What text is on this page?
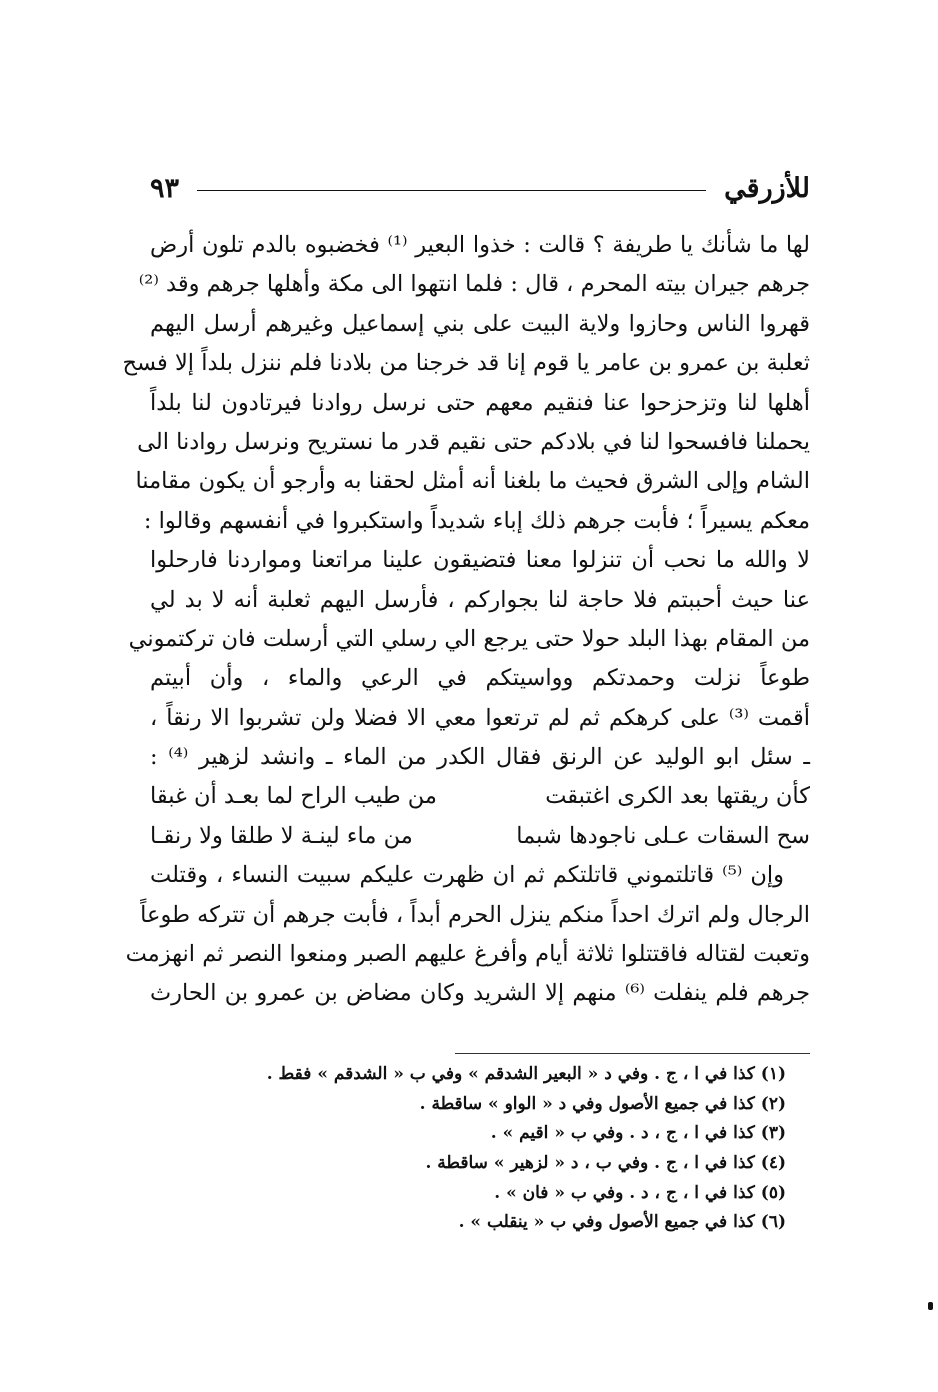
للأزرقي
٩٣
لها ما شأنك يا طريفة ؟ قالت : خذوا البعير ⁽¹⁾ فخضبوه بالدم تلون أرض
جرهم جيران بيته المحرم ، قال : فلما انتهوا الى مكة وأهلها جرهم وقد ⁽²⁾
قهروا الناس وحازوا ولاية البيت على بني إسماعيل وغيرهم أرسل اليهم
ثعلبة بن عمرو بن عامر يا قوم إنا قد خرجنا من بلادنا فلم ننزل بلداً إلا فسح
أهلها لنا وتزحزحوا عنا فنقيم معهم حتى نرسل روادنا فيرتادون لنا بلداً
يحملنا فافسحوا لنا في بلادكم حتى نقيم قدر ما نستريح ونرسل روادنا الى
الشام وإلى الشرق فحيث ما بلغنا أنه أمثل لحقنا به وأرجو أن يكون مقامنا
معكم يسيراً ؛ فأبت جرهم ذلك إباء شديداً واستكبروا في أنفسهم وقالوا :
لا والله ما نحب أن تنزلوا معنا فتضيقون علينا مراتعنا ومواردنا فارحلوا
عنا حيث أحببتم فلا حاجة لنا بجواركم ، فأرسل اليهم ثعلبة أنه لا بد لي
من المقام بهذا البلد حولا حتى يرجع الي رسلي التي أرسلت فان تركتموني
طوعاً نزلت وحمدتكم وواسيتكم في الرعي والماء ، وأن أبيتم
أقمت ⁽³⁾ على كرهكم ثم لم ترتعوا معي الا فضلا ولن تشربوا الا رنقاً ،
ـ سئل ابو الوليد عن الرنق فقال الكدر من الماء ـ وانشد لزهير ⁽⁴⁾ :
كأن ريقتها بعد الكرى اغتبقت
من طيب الراح لما بعـد أن غبقا
سح السقات عـلى ناجودها شبما
من ماء لينـة لا طلقا ولا رنقـا
وإن ⁽⁵⁾ قاتلتموني قاتلتكم ثم ان ظهرت عليكم سبيت النساء ، وقتلت
الرجال ولم اترك احداً منكم ينزل الحرم أبداً ، فأبت جرهم أن تتركه طوعاً
وتعبت لقتاله فاقتتلوا ثلاثة أيام وأفرغ عليهم الصبر ومنعوا النصر ثم انهزمت
جرهم فلم ينفلت ⁽⁶⁾ منهم إلا الشريد وكان مضاض بن عمرو بن الحارث
(١) كذا في ا ، ج . وفي د « البعير الشدقم » وفي ب « الشدقم » فقط .
(٢) كذا في جميع الأصول وفي د « الواو » ساقطة .
(٣) كذا في ا ، ج ، د . وفي ب « اقيم » .
(٤) كذا في ا ، ج . وفي ب ، د « لزهير » ساقطة .
(٥) كذا في ا ، ج ، د . وفي ب « فان » .
(٦) كذا في جميع الأصول وفي ب « ينقلب » .
